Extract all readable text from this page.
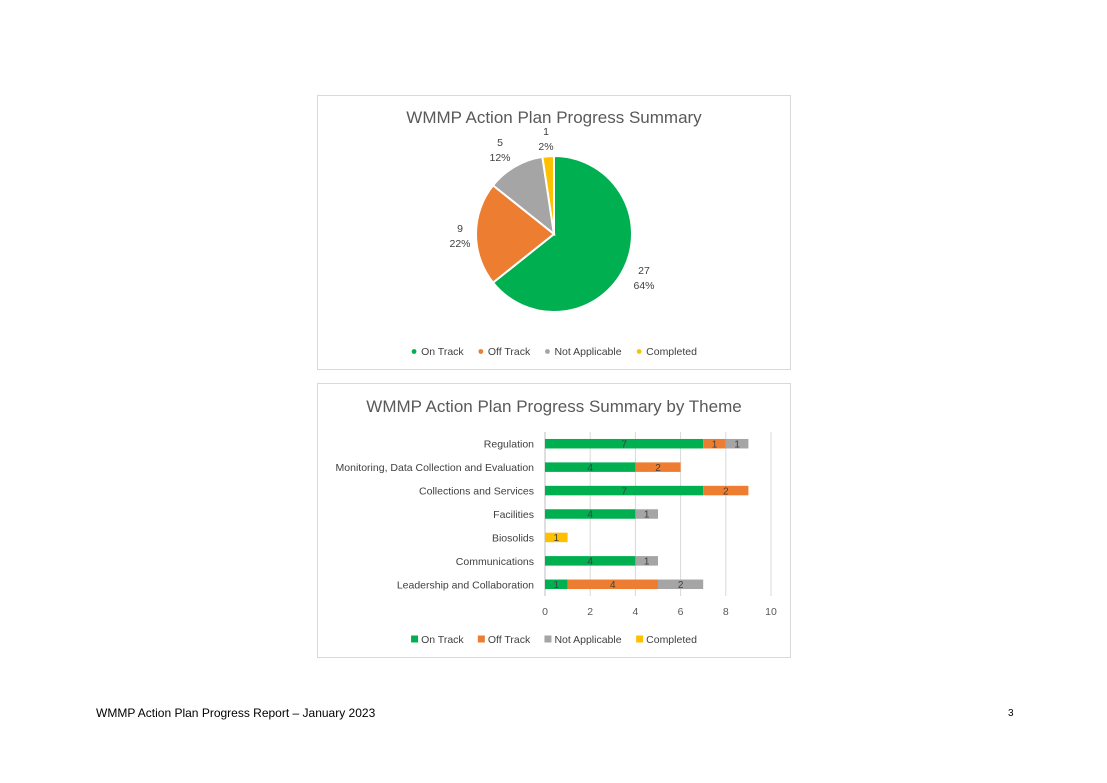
WMMP Action Plan Progress Summary
27
64%
9
22%
5
12%
1
2%
On Track Off Track Not Applicable Completed
WMMP Action Plan Progress Summary by Theme
0	2	4	6	8	10
Regulation	7	1 1
Monitoring, Data Collection and Evaluation	4	2
Collections and Services	7	2
Facilities	4	1
Biosolids 1
Communications	4	1
Leadership and Collaboration 1	4	2
On Track Off Track Not Applicable Completed
WMMP Action Plan Progress Report – January 2023	3
